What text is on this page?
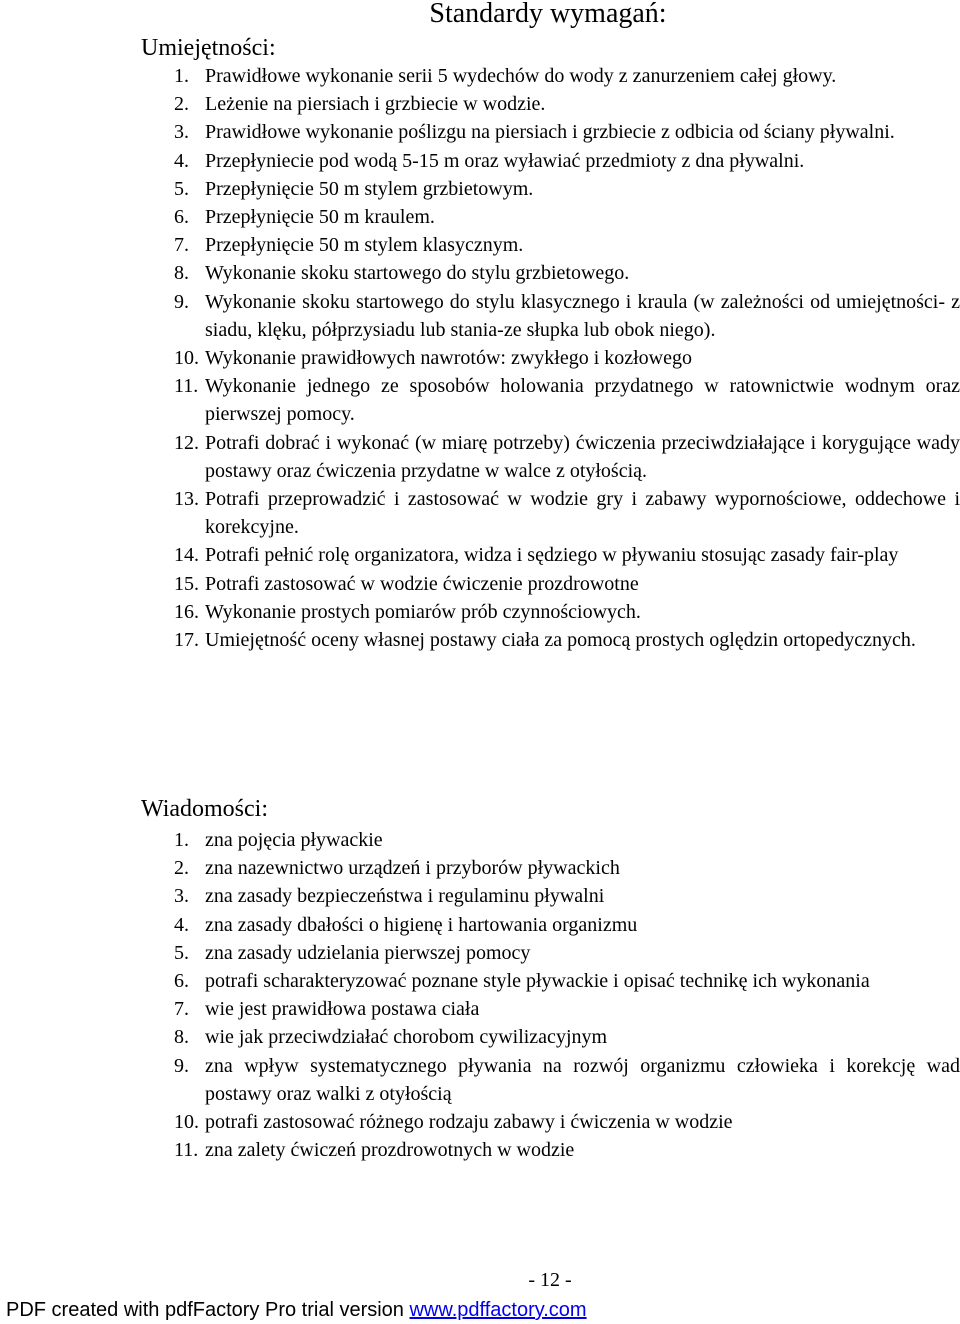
Standardy wymagań:
Umiejętności:
1. Prawidłowe wykonanie serii 5 wydechów do wody z zanurzeniem całej głowy.
2. Leżenie na piersiach i grzbiecie w wodzie.
3. Prawidłowe wykonanie poślizgu na piersiach i grzbiecie z odbicia od ściany pływalni.
4. Przepłyniecie pod wodą 5-15 m oraz wyławiać przedmioty z dna pływalni.
5. Przepłynięcie 50 m stylem grzbietowym.
6. Przepłynięcie 50 m kraulem.
7. Przepłynięcie 50 m stylem klasycznym.
8. Wykonanie skoku startowego do stylu grzbietowego.
9. Wykonanie skoku startowego do stylu klasycznego i kraula (w zależności od umiejętności- z siadu, klęku, półprzysiadu lub stania-ze słupka lub obok niego).
10. Wykonanie prawidłowych nawrotów: zwykłego i kozłowego
11. Wykonanie jednego ze sposobów holowania przydatnego w ratownictwie wodnym oraz pierwszej pomocy.
12. Potrafi dobrać i wykonać (w miarę potrzeby) ćwiczenia przeciwdziałające i korygujące wady postawy oraz ćwiczenia przydatne w walce z otyłością.
13. Potrafi przeprowadzić i zastosować w wodzie gry i zabawy wypornościowe, oddechowe i korekcyjne.
14. Potrafi pełnić rolę organizatora, widza i sędziego w pływaniu stosując zasady fair-play
15. Potrafi zastosować w wodzie ćwiczenie prozdrowotne
16. Wykonanie prostych pomiarów prób czynnościowych.
17. Umiejętność oceny własnej postawy ciała za pomocą prostych oględzin ortopedycznych.
Wiadomości:
1. zna pojęcia pływackie
2. zna nazewnictwo urządzeń i przyborów pływackich
3. zna zasady bezpieczeństwa i regulaminu pływalni
4. zna zasady dbałości o higienę i hartowania organizmu
5. zna zasady udzielania pierwszej pomocy
6. potrafi scharakteryzować poznane style pływackie i opisać technikę ich wykonania
7. wie jest prawidłowa postawa ciała
8. wie jak przeciwdziałać chorobom cywilizacyjnym
9. zna wpływ systematycznego pływania na rozwój organizmu człowieka i korekcję wad postawy oraz walki z otyłością
10. potrafi zastosować różnego rodzaju zabawy i ćwiczenia w wodzie
11. zna zalety ćwiczeń prozdrowotnych w wodzie
- 12 -
PDF created with pdfFactory Pro trial version www.pdffactory.com
